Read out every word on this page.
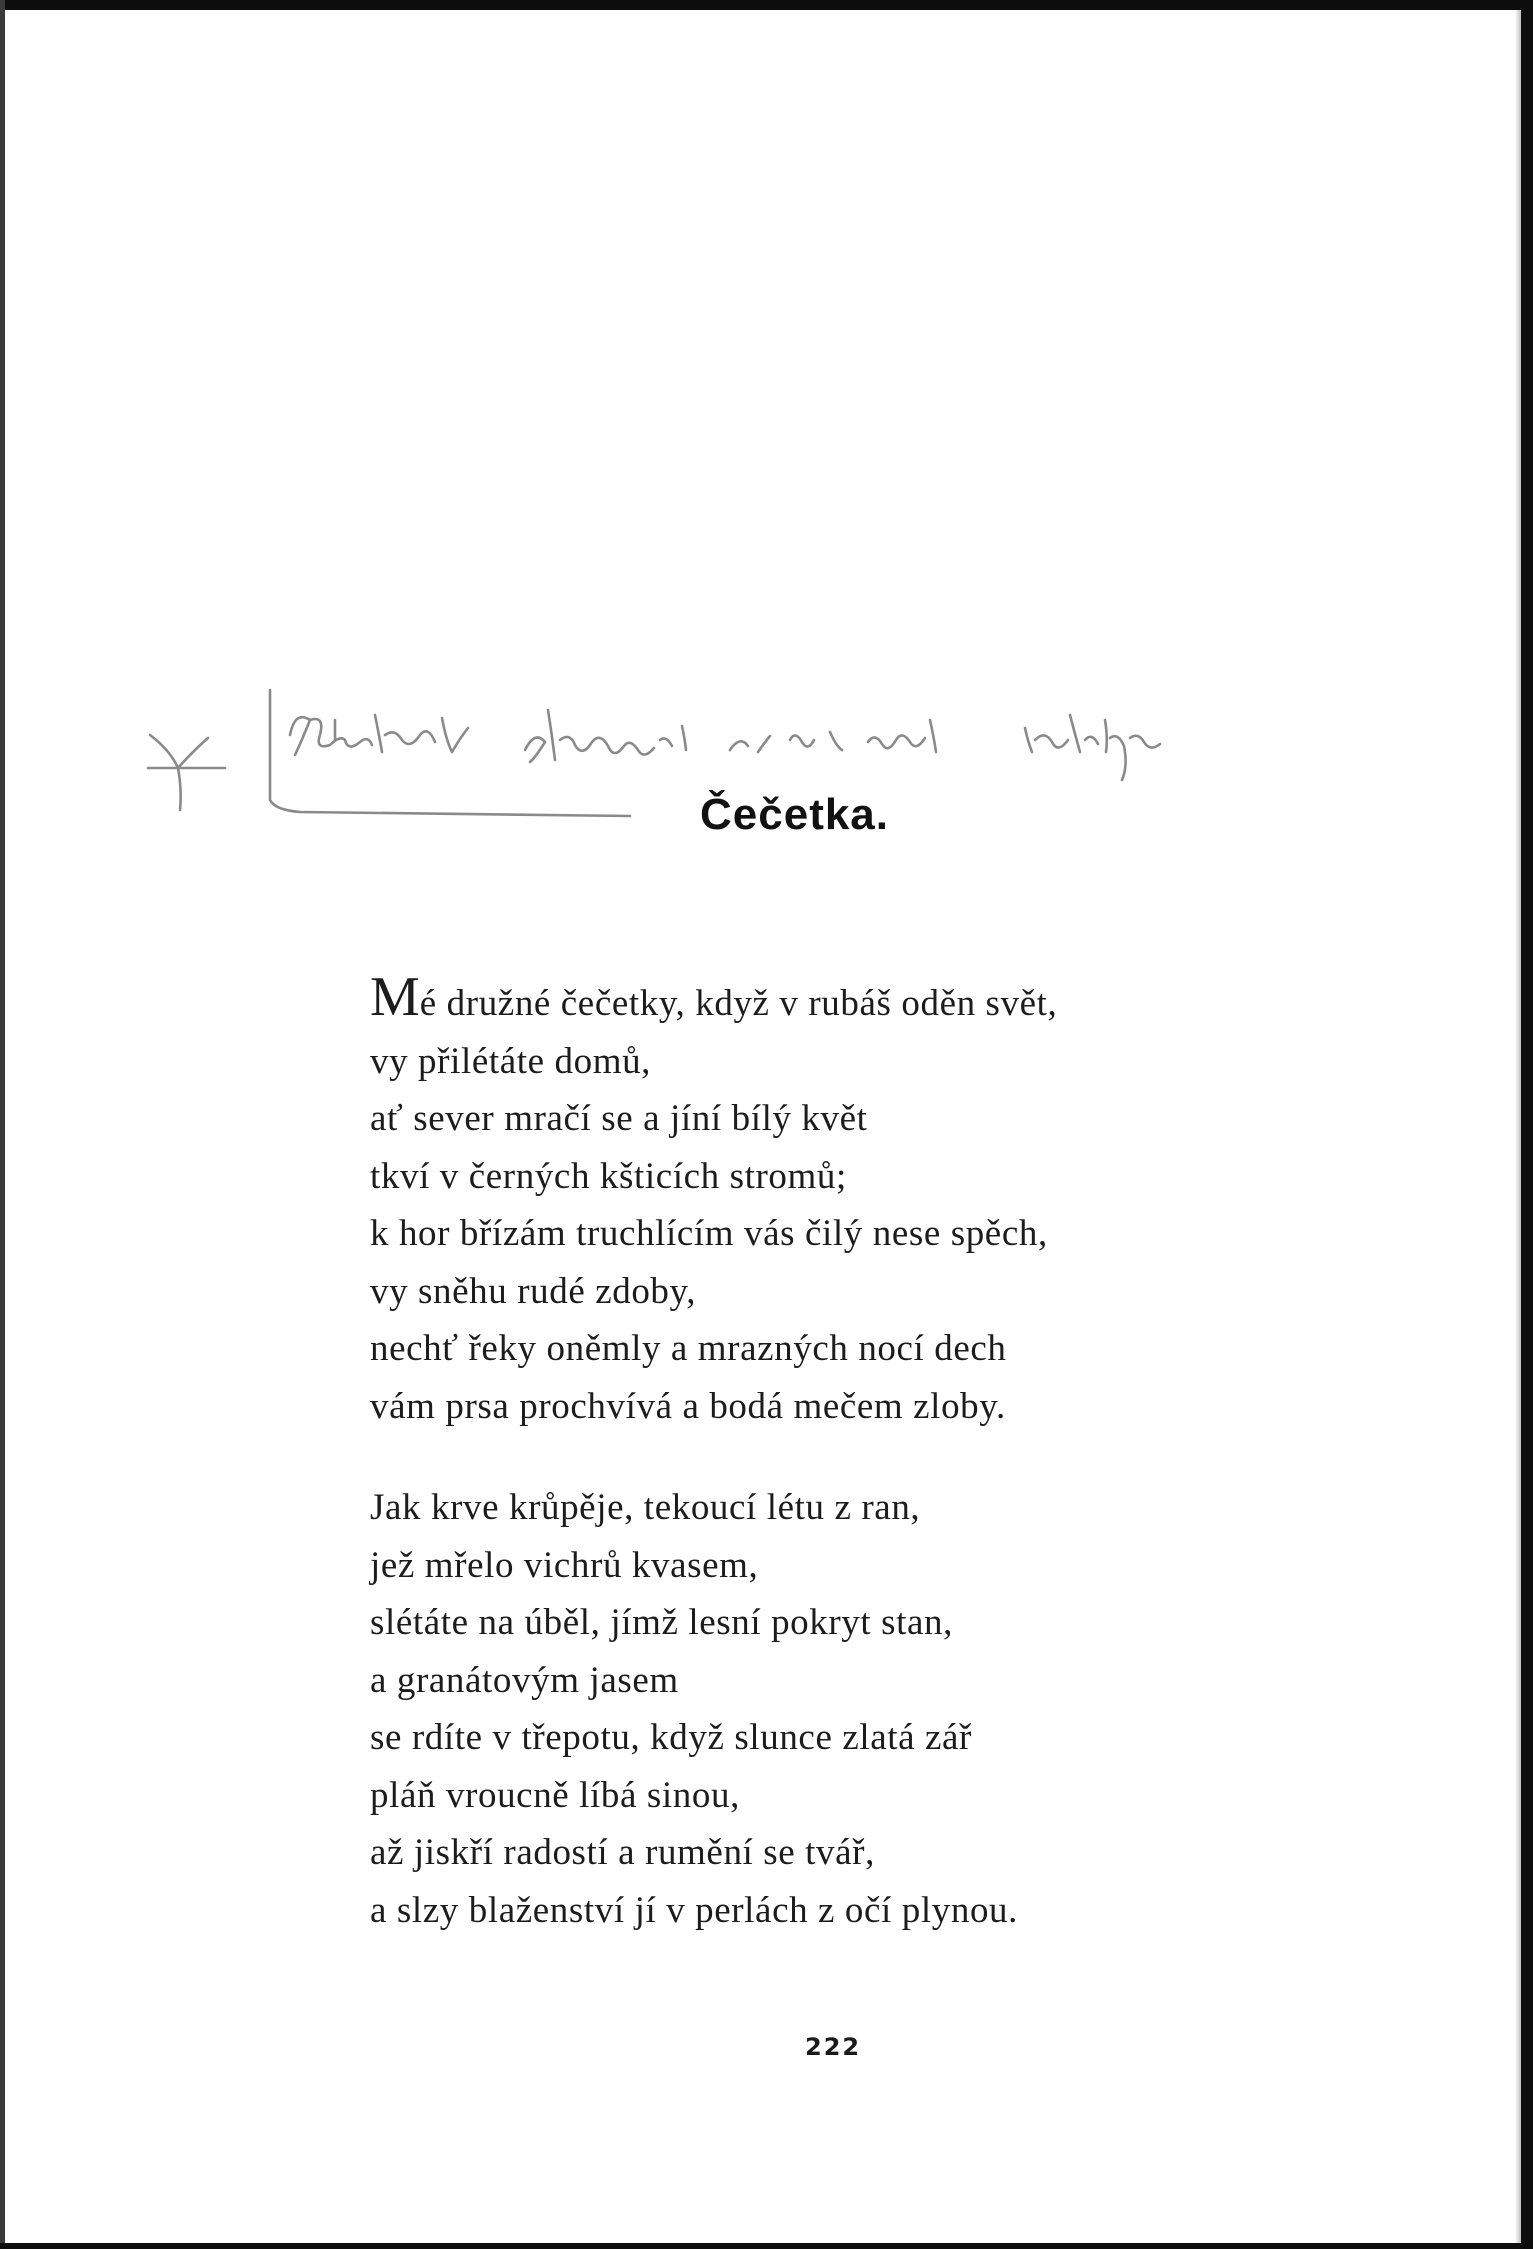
Čečetka.
Mé družné čečetky, když v rubáš oděn svět,
vy přilétáte domů,
ať sever mračí se a jíní bílý květ
tkví v černých kšticích stromů;
k hor břízám truchlícím vás čilý nese spěch,
vy sněhu rudé zdoby,
nechť řeky oněmly a mrazných nocí dech
vám prsa prochvívá a bodá mečem zloby.
Jak krve krůpěje, tekoucí létu z ran,
jež mřelo vichrů kvasem,
slétáte na úběl, jímž lesní pokryt stan,
a granátovým jasem
se rdíte v třepotu, když slunce zlatá zář
pláň vroucně líbá sinou,
až jiskří radostí a rumění se tvář,
a slzy blaženství jí v perlách z očí plynou.
222
